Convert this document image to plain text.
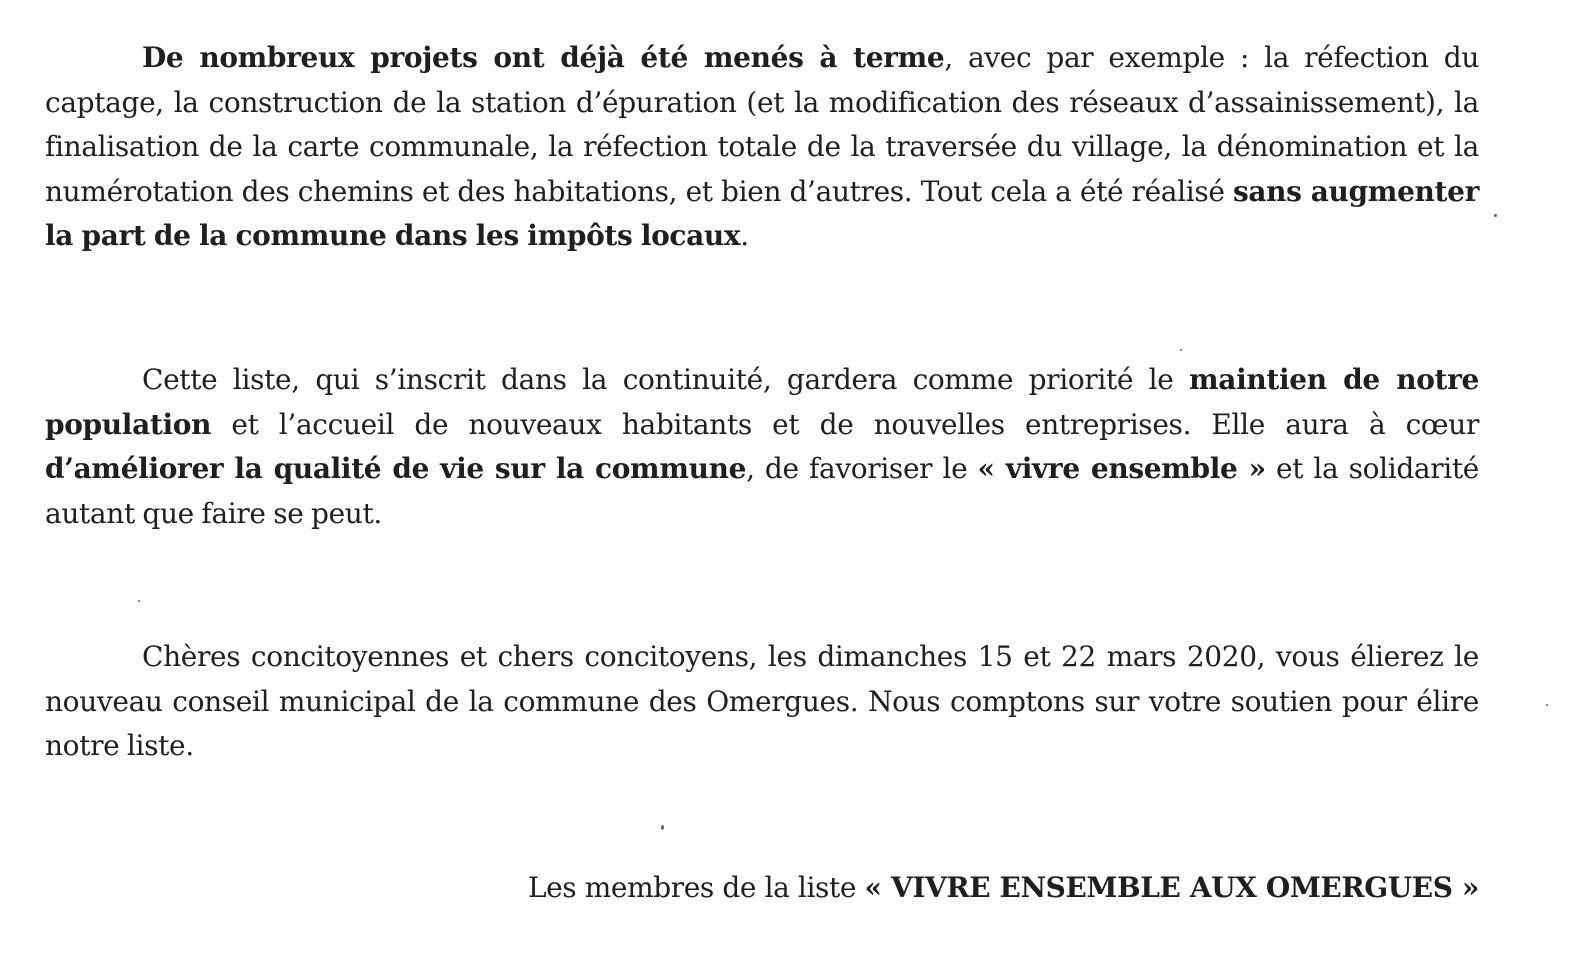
De nombreux projets ont déjà été menés à terme, avec par exemple : la réfection du captage, la construction de la station d’épuration (et la modification des réseaux d’assainissement), la finalisation de la carte communale, la réfection totale de la traversée du village, la dénomination et la numérotation des chemins et des habitations, et bien d’autres. Tout cela a été réalisé sans augmenter la part de la commune dans les impôts locaux.

Cette liste, qui s’inscrit dans la continuité, gardera comme priorité le maintien de notre population et l’accueil de nouveaux habitants et de nouvelles entreprises. Elle aura à cœur d’améliorer la qualité de vie sur la commune, de favoriser le « vivre ensemble » et la solidarité autant que faire se peut.

Chères concitoyennes et chers concitoyens, les dimanches 15 et 22 mars 2020, vous élierez le nouveau conseil municipal de la commune des Omergues. Nous comptons sur votre soutien pour élire notre liste.

Les membres de la liste « VIVRE ENSEMBLE AUX OMERGUES »
